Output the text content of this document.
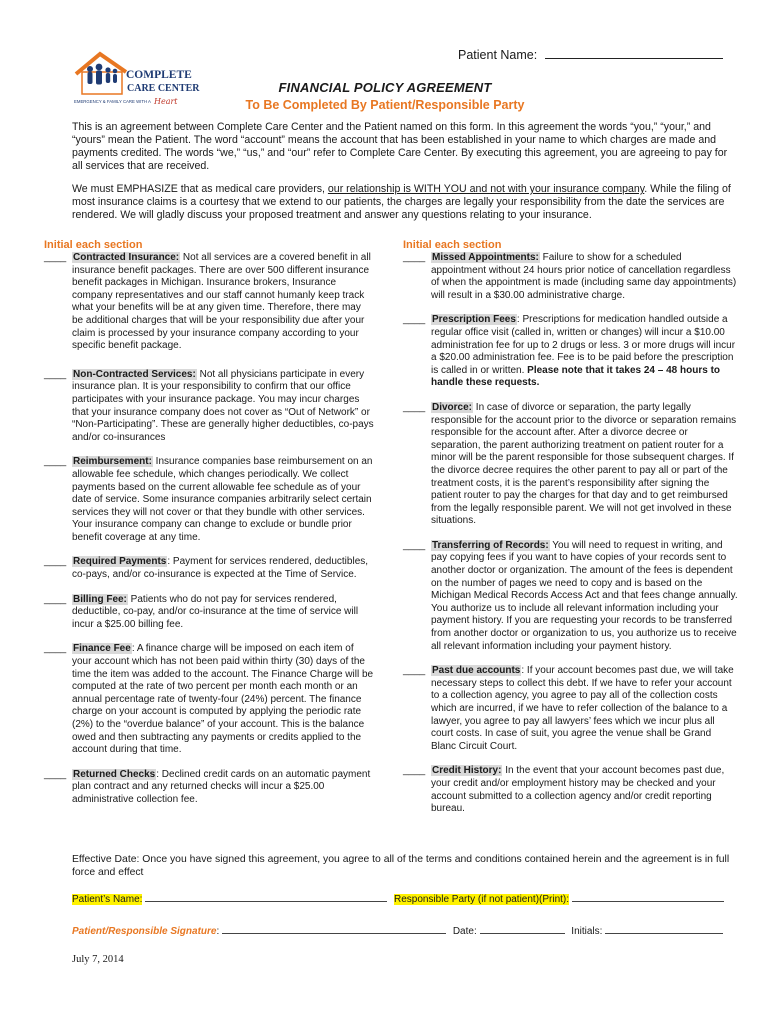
COMPLETE
CARE CENTER
EMERGENCY & FAMILY CARE WITH A Heart
Patient Name:
FINANCIAL POLICY AGREEMENT
To Be Completed By Patient/Responsible Party
This is an agreement between Complete Care Center and the Patient named on this form. In this agreement the words “you,” “your,” and “yours” mean the Patient. The word “account” means the account that has been established in your name to which charges are made and payments credited. The words “we,” “us,” and “our” refer to Complete Care Center. By executing this agreement, you are agreeing to pay for all services that are received.
We must EMPHASIZE that as medical care providers, our relationship is WITH YOU and not with your insurance company. While the filing of most insurance claims is a courtesy that we extend to our patients, the charges are legally your responsibility from the date the services are rendered. We will gladly discuss your proposed treatment and answer any questions relating to your insurance.
Initial each section
____ Contracted Insurance: Not all services are a covered benefit in all insurance benefit packages. There are over 500 different insurance benefit packages in Michigan. Insurance brokers, Insurance company representatives and our staff cannot humanly keep track what your benefits will be at any given time. Therefore, there may be additional charges that will be your responsibility due after your claim is processed by your insurance company according to your specific benefit package.
____ Non-Contracted Services: Not all physicians participate in every insurance plan. It is your responsibility to confirm that our office participates with your insurance package. You may incur charges that your insurance company does not cover as “Out of Network” or “Non-Participating”. These are generally higher deductibles, co-pays and/or co-insurances
____ Reimbursement: Insurance companies base reimbursement on an allowable fee schedule, which changes periodically. We collect payments based on the current allowable fee schedule as of your date of service. Some insurance companies arbitrarily select certain services they will not cover or that they bundle with other services. Your insurance company can change to exclude or bundle prior benefit coverage at any time.
____ Required Payments: Payment for services rendered, deductibles, co-pays, and/or co-insurance is expected at the Time of Service.
____ Billing Fee: Patients who do not pay for services rendered, deductible, co-pay, and/or co-insurance at the time of service will incur a $25.00 billing fee.
____ Finance Fee: A finance charge will be imposed on each item of your account which has not been paid within thirty (30) days of the time the item was added to the account. The Finance Charge will be computed at the rate of two percent per month each month or an annual percentage rate of twenty-four (24%) percent. The finance charge on your account is computed by applying the periodic rate (2%) to the “overdue balance” of your account. This is the balance owed and then subtracting any payments or credits applied to the account during that time.
____ Returned Checks: Declined credit cards on an automatic payment plan contract and any returned checks will incur a $25.00 administrative collection fee.
Initial each section
____ Missed Appointments: Failure to show for a scheduled appointment without 24 hours prior notice of cancellation regardless of when the appointment is made (including same day appointments) will result in a $30.00 administrative charge.
____ Prescription Fees: Prescriptions for medication handled outside a regular office visit (called in, written or changes) will incur a $10.00 administration fee for up to 2 drugs or less. 3 or more drugs will incur a $20.00 administration fee. Fee is to be paid before the prescription is called in or written. Please note that it takes 24 – 48 hours to handle these requests.
____ Divorce: In case of divorce or separation, the party legally responsible for the account prior to the divorce or separation remains responsible for the account after. After a divorce decree or separation, the parent authorizing treatment on patient router for a minor will be the parent responsible for those subsequent charges. If the divorce decree requires the other parent to pay all or part of the treatment costs, it is the parent’s responsibility after signing the patient router to pay the charges for that day and to get reimbursed from the legally responsible parent. We will not get involved in these situations.
____ Transferring of Records: You will need to request in writing, and pay copying fees if you want to have copies of your records sent to another doctor or organization. The amount of the fees is dependent on the number of pages we need to copy and is based on the Michigan Medical Records Access Act and that fees change annually. You authorize us to include all relevant information including your payment history. If you are requesting your records to be transferred from another doctor or organization to us, you authorize us to receive all relevant information including your payment history.
____ Past due accounts: If your account becomes past due, we will take necessary steps to collect this debt. If we have to refer your account to a collection agency, you agree to pay all of the collection costs which are incurred, if we have to refer collection of the balance to a lawyer, you agree to pay all lawyers’ fees which we incur plus all court costs. In case of suit, you agree the venue shall be Grand Blanc Circuit Court.
____ Credit History: In the event that your account becomes past due, your credit and/or employment history may be checked and your account submitted to a collection agency and/or credit reporting bureau.
Effective Date: Once you have signed this agreement, you agree to all of the terms and conditions contained herein and the agreement is in full force and effect
Patient’s Name:	Responsible Party (if not patient)(Print):
Patient/Responsible Signature:	Date:	Initials:
July 7, 2014
